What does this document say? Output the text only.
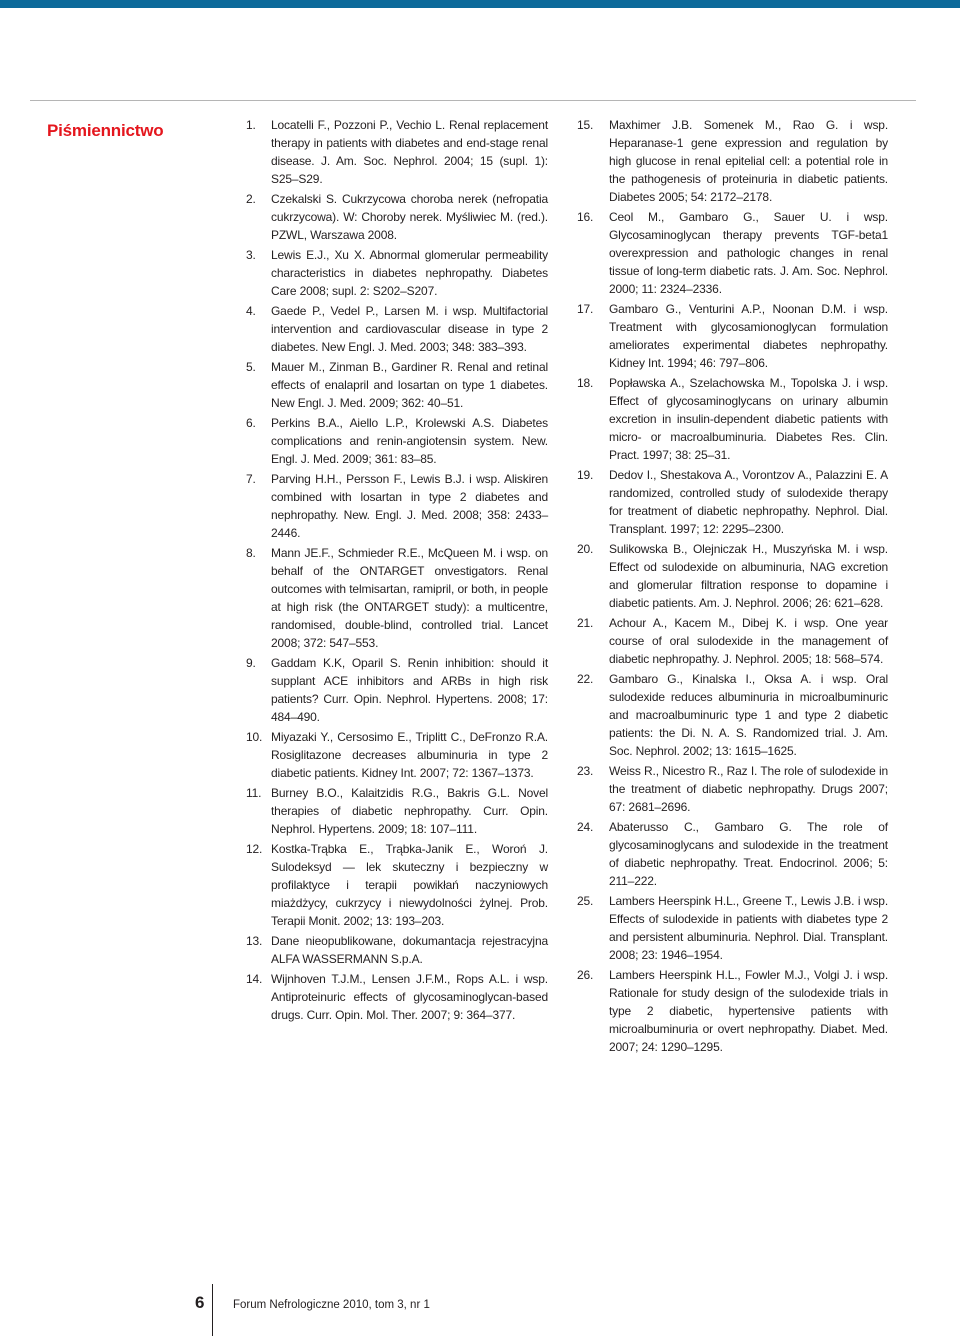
Piśmiennictwo	1. Locatelli F., Pozzoni P., Vechio L. Renal replacement therapy in patients with diabetes and end-stage renal disease. J. Am. Soc. Nephrol. 2004; 15 (supl. 1): S25–S29.
2. Czekalski S. Cukrzycowa choroba nerek (nefropatia cukrzycowa). W: Choroby nerek. Myśliwiec M. (red.). PZWL, Warszawa 2008.
3. Lewis E.J., Xu X. Abnormal glomerular permeability characteristics in diabetes nephropathy. Diabetes Care 2008; supl. 2: S202–S207.
4. Gaede P., Vedel P., Larsen M. i wsp. Multifactorial intervention and cardiovascular disease in type 2 diabetes. New Engl. J. Med. 2003; 348: 383–393.
5. Mauer M., Zinman B., Gardiner R. Renal and retinal effects of enalapril and losartan on type 1 diabetes. New Engl. J. Med. 2009; 362: 40–51.
6. Perkins B.A., Aiello L.P., Krolewski A.S. Diabetes complications and renin-angiotensin system. New. Engl. J. Med. 2009; 361: 83–85.
7. Parving H.H., Persson F., Lewis B.J. i wsp. Aliskiren combined with losartan in type 2 diabetes and nephropathy. New. Engl. J. Med. 2008; 358: 2433–2446.
8. Mann JE.F., Schmieder R.E., McQueen M. i wsp. on behalf of the ONTARGET onvestigators. Renal outcomes with telmisartan, ramipril, or both, in people at high risk (the ONTARGET study): a multicentre, randomised, double-blind, controlled trial. Lancet 2008; 372: 547–553.
9. Gaddam K.K, Oparil S. Renin inhibition: should it supplant ACE inhibitors and ARBs in high risk patients? Curr. Opin. Nephrol. Hypertens. 2008; 17: 484–490.
10. Miyazaki Y., Cersosimo E., Triplitt C., DeFronzo R.A. Rosiglitazone decreases albuminuria in type 2 diabetic patients. Kidney Int. 2007; 72: 1367–1373.
11. Burney B.O., Kalaitzidis R.G., Bakris G.L. Novel therapies of diabetic nephropathy. Curr. Opin. Nephrol. Hypertens. 2009; 18: 107–111.
12. Kostka-Trąbka E., Trąbka-Janik E., Woroń J. Sulodeksyd — lek skuteczny i bezpieczny w profilaktyce i terapii powikłań naczyniowych miażdżycy, cukrzycy i niewydolności żylnej. Prob. Terapii Monit. 2002; 13: 193–203.
13. Dane nieopublikowane, dokumantacja rejestracyjna ALFA WASSERMANN S.p.A.
14. Wijnhoven T.J.M., Lensen J.F.M., Rops A.L. i wsp. Antiproteinuric effects of glycosaminoglycan-based drugs. Curr. Opin. Mol. Ther. 2007; 9: 364–377.
15. Maxhimer J.B. Somenek M., Rao G. i wsp. Heparanase-1 gene expression and regulation by high glucose in renal epitelial cell: a potential role in the pathogenesis of proteinuria in diabetic patients. Diabetes 2005; 54: 2172–2178.
16. Ceol M., Gambaro G., Sauer U. i wsp. Glycosaminoglycan therapy prevents TGF-beta1 overexpression and pathologic changes in renal tissue of long-term diabetic rats. J. Am. Soc. Nephrol. 2000; 11: 2324–2336.
17. Gambaro G., Venturini A.P., Noonan D.M. i wsp. Treatment with glycosamionoglycan formulation ameliorates experimental diabetes nephropathy. Kidney Int. 1994; 46: 797–806.
18. Popławska A., Szelachowska M., Topolska J. i wsp. Effect of glycosaminoglycans on urinary albumin excretion in insulin-dependent diabetic patients with micro- or macroalbuminuria. Diabetes Res. Clin. Pract. 1997; 38: 25–31.
19. Dedov I., Shestakova A., Vorontzov A., Palazzini E. A randomized, controlled study of sulodexide therapy for treatment of diabetic nephropathy. Nephrol. Dial. Transplant. 1997; 12: 2295–2300.
20. Sulikowska B., Olejniczak H., Muszyńska M. i wsp. Effect od sulodexide on albuminuria, NAG excretion and glomerular filtration response to dopamine i diabetic patients. Am. J. Nephrol. 2006; 26: 621–628.
21. Achour A., Kacem M., Dibej K. i wsp. One year course of oral sulodexide in the management of diabetic nephropathy. J. Nephrol. 2005; 18: 568–574.
22. Gambaro G., Kinalska I., Oksa A. i wsp. Oral sulodexide reduces albuminuria in microalbuminuric and macroalbuminuric type 1 and type 2 diabetic patients: the Di. N. A. S. Randomized trial. J. Am. Soc. Nephrol. 2002; 13: 1615–1625.
23. Weiss R., Nicestro R., Raz I. The role of sulodexide in the treatment of diabetic nephropathy. Drugs 2007; 67: 2681–2696.
24. Abaterusso C., Gambaro G. The role of glycosaminoglycans and sulodexide in the treatment of diabetic nephropathy. Treat. Endocrinol. 2006; 5: 211–222.
25. Lambers Heerspink H.L., Greene T., Lewis J.B. i wsp. Effects of sulodexide in patients with diabetes type 2 and persistent albuminuria. Nephrol. Dial. Transplant. 2008; 23: 1946–1954.
26. Lambers Heerspink H.L., Fowler M.J., Volgi J. i wsp. Rationale for study design of the sulodexide trials in type 2 diabetic, hypertensive patients with microalbuminuria or overt nephropathy. Diabet. Med. 2007; 24: 1290–1295.
6 Forum Nefrologiczne 2010, tom 3, nr 1
